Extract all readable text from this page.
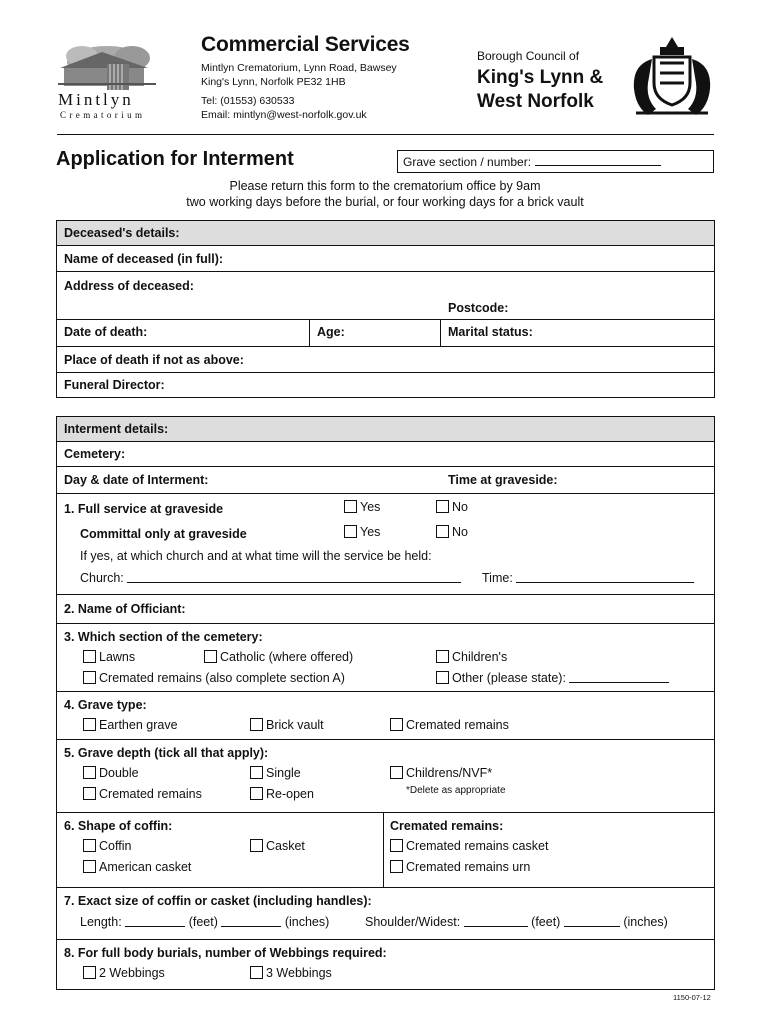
Mintlyn
Crematorium
Commercial Services
Mintlyn Crematorium, Lynn Road, Bawsey
King's Lynn, Norfolk PE32 1HB
Tel: (01553) 630533
Email: mintlyn@west-norfolk.gov.uk
Borough Council of
King's Lynn &
West Norfolk
Application for Interment	Grave section / number:
Please return this form to the crematorium office by 9am
two working days before the burial, or four working days for a brick vault
Deceased's details:
Name of deceased (in full):
Address of deceased:
Postcode:
Date of death:	Age:	Marital status:
Place of death if not as above:
Funeral Director:
Interment details:
Cemetery:
Day & date of Interment:	Time at graveside:
1. Full service at graveside	Yes	No
Committal only at graveside	Yes	No
If yes, at which church and at what time will the service be held:
Church:	Time:
2. Name of Officiant:
3. Which section of the cemetery:
Lawns	Catholic (where offered)	Children's
Cremated remains (also complete section A)	Other (please state):
4. Grave type:
Earthen grave	Brick vault	Cremated remains
5. Grave depth (tick all that apply):
Double	Single	Childrens/NVF*
Cremated remains	Re-open	*Delete as appropriate
6. Shape of coffin:
Coffin	Casket
American casket
Cremated remains:
Cremated remains casket
Cremated remains urn
7. Exact size of coffin or casket (including handles):
Length:	(feet)	(inches)	Shoulder/Widest:	(feet)	(inches)
8. For full body burials, number of Webbings required:
2 Webbings	3 Webbings
1150-07-12
